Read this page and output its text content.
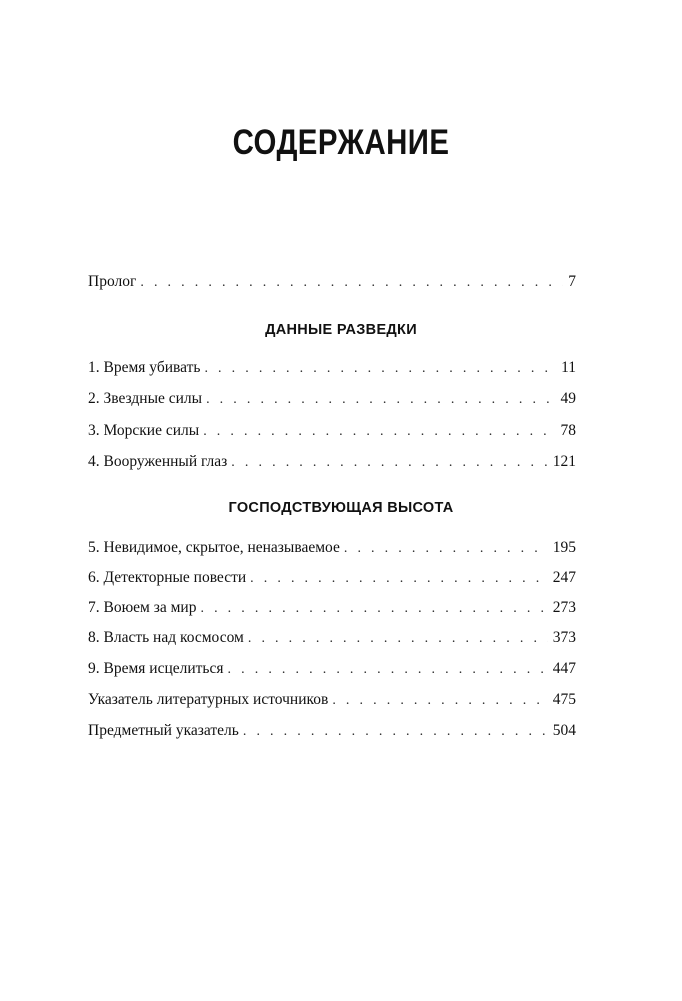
СОДЕРЖАНИЕ
Пролог . . .	7
ДАННЫЕ РАЗВЕДКИ
1. Время убивать . . .	11
2. Звездные силы . . .	49
3. Морские силы . . .	78
4. Вооруженный глаз . . .	121
ГОСПОДСТВУЮЩАЯ ВЫСОТА
5. Невидимое, скрытое, неназываемое . . .	195
6. Детекторные повести . . .	247
7. Воюем за мир . . .	273
8. Власть над космосом . . .	373
9. Время исцелиться . . .	447
Указатель литературных источников . . .	475
Предметный указатель . . .	504
